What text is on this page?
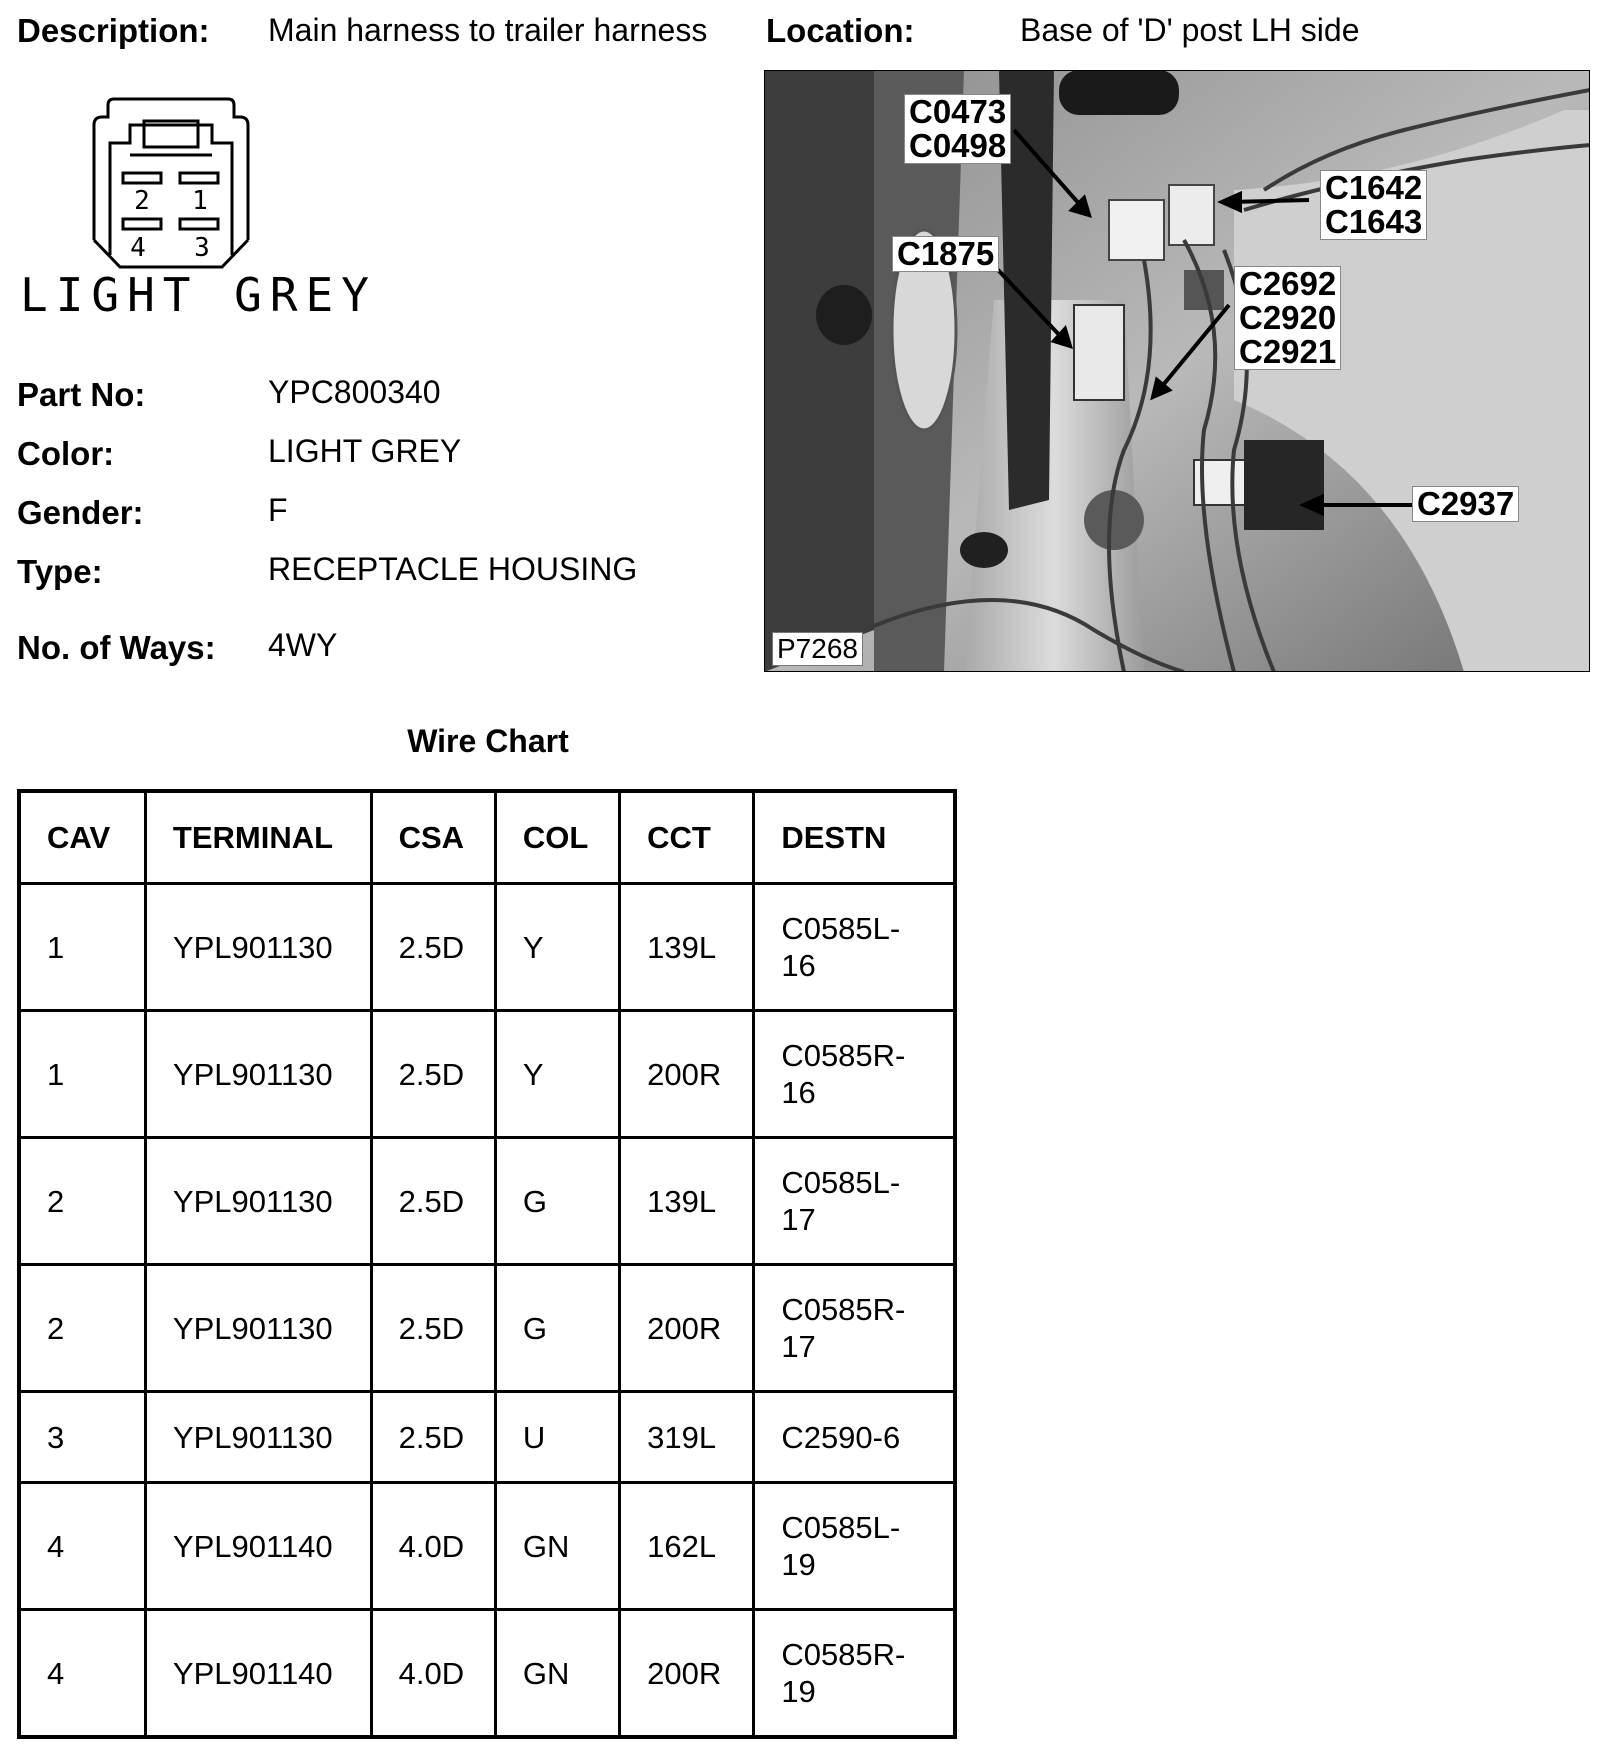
Description: Main harness to trailer harness Location:	Base of 'D' post LH side
2 1
4 3
LIGHT GREY
Part No:	YPC800340
Color:	LIGHT GREY
Gender:	F
Type:	RECEPTACLE HOUSING
No. of Ways: 4WY
C0473
C0498
C1642
C1643
C1875
C2692
C2920
C2921
C2937
P7268
Wire Chart
CAV	TERMINAL	CSA	COL	CCT	DESTN
1	YPL901130	2.5D	Y	139L	C0585L-
16
1	YPL901130	2.5D	Y	200R	C0585R-
16
2	YPL901130	2.5D	G	139L	C0585L-
17
2	YPL901130	2.5D	G	200R	C0585R-
17
3	YPL901130	2.5D	U	319L	C2590-6
4	YPL901140	4.0D	GN	162L	C0585L-
19
4	YPL901140	4.0D	GN	200R	C0585R-
19
